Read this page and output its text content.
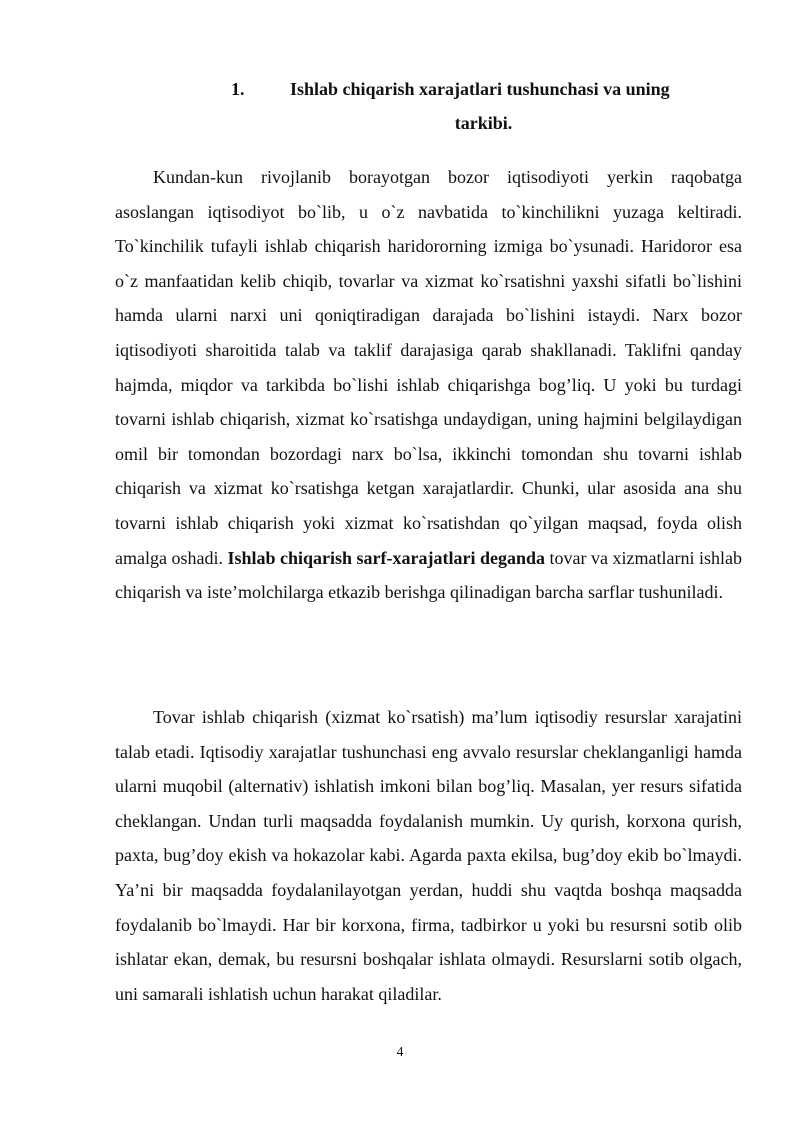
1.	Ishlab chiqarish xarajatlari tushunchasi va uning
tarkibi.

Kundan-kun rivojlanib borayotgan bozor iqtisodiyoti yerkin raqobatga asoslangan iqtisodiyot bo`lib, u o`z navbatida to`kinchilikni yuzaga keltiradi. To`kinchilik tufayli ishlab chiqarish haridororning izmiga bo`ysunadi. Haridoror esa o`z manfaatidan kelib chiqib, tovarlar va xizmat ko`rsatishni yaxshi sifatli bo`lishini hamda ularni narxi uni qoniqtiradigan darajada bo`lishini istaydi. Narx bozor iqtisodiyoti sharoitida talab va taklif darajasiga qarab shakllanadi. Taklifni qanday hajmda, miqdor va tarkibda bo`lishi ishlab chiqarishga bog’liq. U yoki bu turdagi tovarni ishlab chiqarish, xizmat ko`rsatishga undaydigan, uning hajmini belgilaydigan omil bir tomondan bozordagi narx bo`lsa, ikkinchi tomondan shu tovarni ishlab chiqarish va xizmat ko`rsatishga ketgan xarajatlardir. Chunki, ular asosida ana shu tovarni ishlab chiqarish yoki xizmat ko`rsatishdan qo`yilgan maqsad, foyda olish amalga oshadi. Ishlab chiqarish sarf-xarajatlari deganda tovar va xizmatlarni ishlab chiqarish va iste’molchilarga etkazib berishga qilinadigan barcha sarflar tushuniladi.

Tovar ishlab chiqarish (xizmat ko`rsatish) ma’lum iqtisodiy resurslar xarajatini talab etadi. Iqtisodiy xarajatlar tushunchasi eng avvalo resurslar cheklanganligi hamda ularni muqobil (alternativ) ishlatish imkoni bilan bog’liq. Masalan, yer resurs sifatida cheklangan. Undan turli maqsadda foydalanish mumkin. Uy qurish, korxona qurish, paxta, bug’doy ekish va hokazolar kabi. Agarda paxta ekilsa, bug’doy ekib bo`lmaydi. Ya’ni bir maqsadda foydalanilayotgan yerdan, huddi shu vaqtda boshqa maqsadda foydalanib bo`lmaydi. Har bir korxona, firma, tadbirkor u yoki bu resursni sotib olib ishlatar ekan, demak, bu resursni boshqalar ishlata olmaydi. Resurslarni sotib olgach, uni samarali ishlatish uchun harakat qiladilar.

4
